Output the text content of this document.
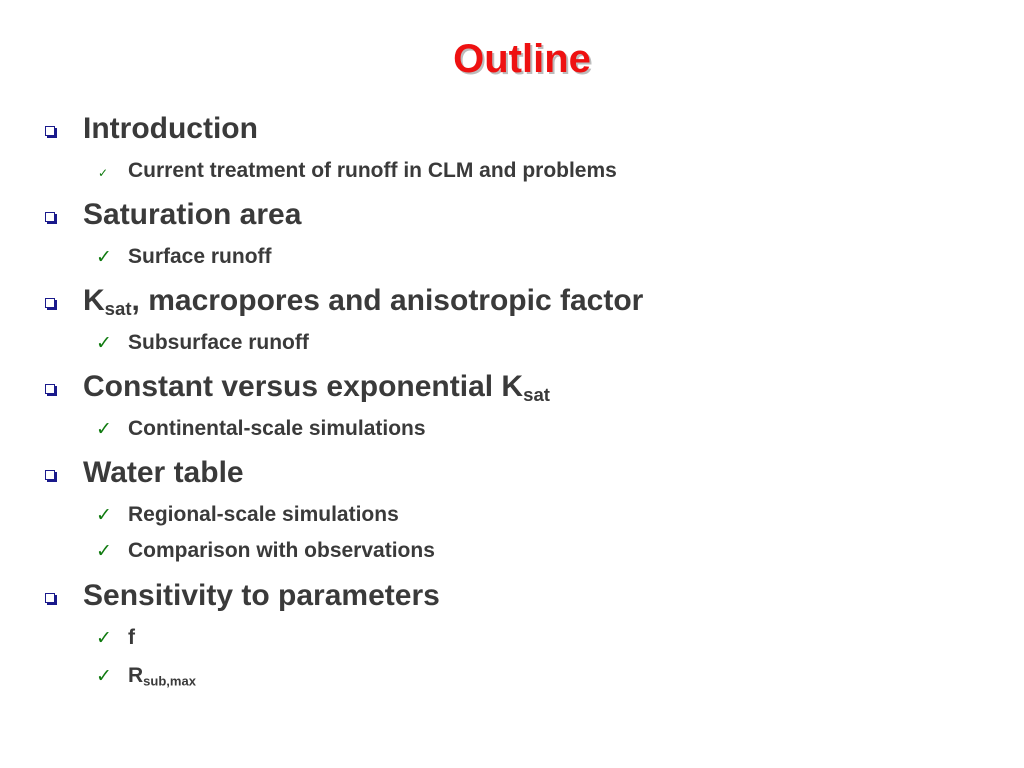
Outline
Introduction
✓ Current treatment of runoff in CLM and problems
Saturation area
✓ Surface runoff
$K_{sat}$, macropores and anisotropic factor
✓ Subsurface runoff
Constant versus exponential $K_{sat}$
✓ Continental-scale simulations
Water table
✓ Regional-scale simulations
✓ Comparison with observations
Sensitivity to parameters
✓ f
✓ $R_{sub,max}$
